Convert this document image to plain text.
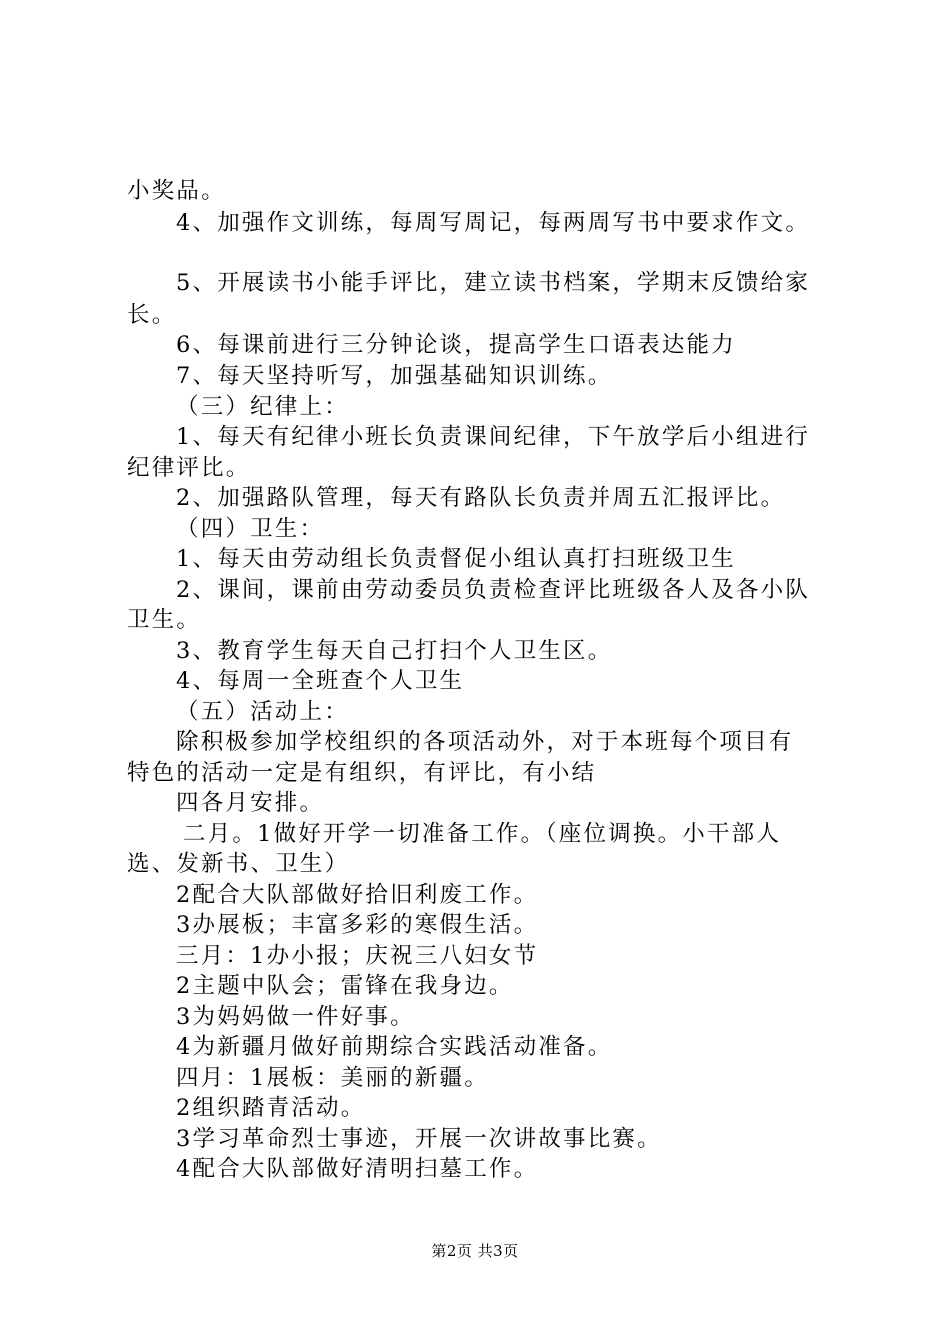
小奖品。
4、加强作文训练，每周写周记，每两周写书中要求作文。
5、开展读书小能手评比，建立读书档案，学期末反馈给家
长。
6、每课前进行三分钟论谈，提高学生口语表达能力
7、每天坚持听写，加强基础知识训练。
（三）纪律上：
1、每天有纪律小班长负责课间纪律，下午放学后小组进行
纪律评比。
2、加强路队管理，每天有路队长负责并周五汇报评比。
（四）卫生：
1、每天由劳动组长负责督促小组认真打扫班级卫生
2、课间，课前由劳动委员负责检查评比班级各人及各小队
卫生。
3、教育学生每天自己打扫个人卫生区。
4、每周一全班查个人卫生
（五）活动上：
除积极参加学校组织的各项活动外，对于本班每个项目有
特色的活动一定是有组织，有评比，有小结
四各月安排。
二月。1做好开学一切准备工作。（座位调换。小干部人
选、发新书、卫生）
2配合大队部做好拾旧利废工作。
3办展板；丰富多彩的寒假生活。
三月：1办小报；庆祝三八妇女节
2主题中队会；雷锋在我身边。
3为妈妈做一件好事。
4为新疆月做好前期综合实践活动准备。
四月：1展板：美丽的新疆。
2组织踏青活动。
3学习革命烈士事迹，开展一次讲故事比赛。
4配合大队部做好清明扫墓工作。
第2页 共3页
